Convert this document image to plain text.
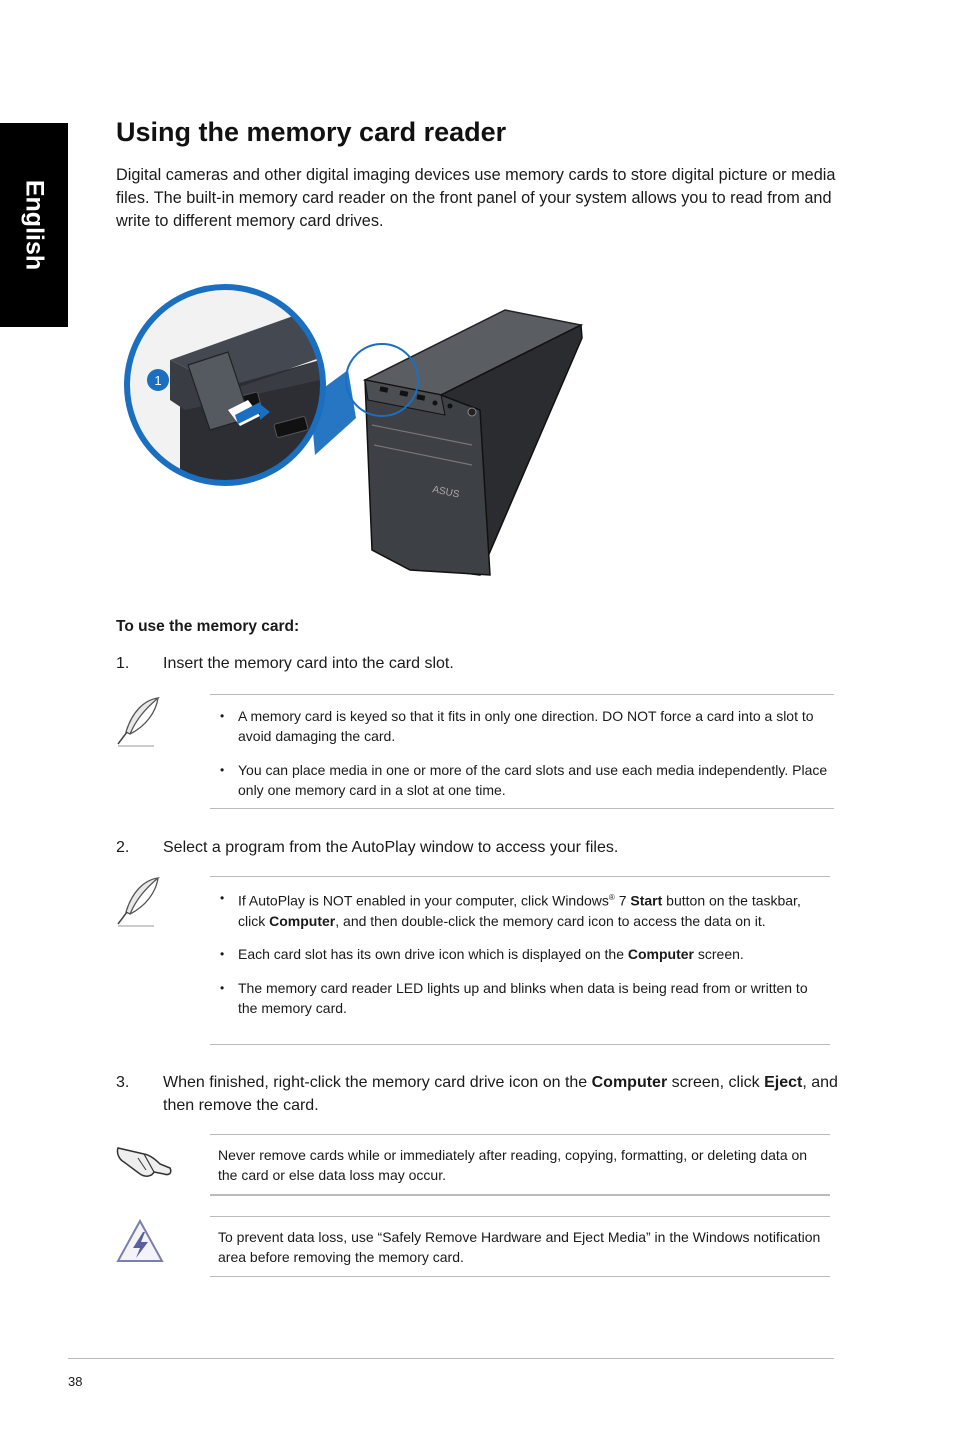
English
Using the memory card reader

Digital cameras and other digital imaging devices use memory cards to store digital picture or media files. The built-in memory card reader on the front panel of your system allows you to read from and write to different memory card drives.

ASUS
1

To use the memory card:

1. Insert the memory card into the card slot.
• A memory card is keyed so that it fits in only one direction. DO NOT force a card into a slot to avoid damaging the card.
• You can place media in one or more of the card slots and use each media independently. Place only one memory card in a slot at one time.
2. Select a program from the AutoPlay window to access your files.
• If AutoPlay is NOT enabled in your computer, click Windows® 7 Start button on the taskbar, click Computer, and then double-click the memory card icon to access the data on it.
• Each card slot has its own drive icon which is displayed on the Computer screen.
• The memory card reader LED lights up and blinks when data is being read from or written to the memory card.
3. When finished, right-click the memory card drive icon on the Computer screen, click Eject, and then remove the card.
Never remove cards while or immediately after reading, copying, formatting, or deleting data on the card or else data loss may occur.
To prevent data loss, use “Safely Remove Hardware and Eject Media” in the Windows notification area before removing the memory card.
38
